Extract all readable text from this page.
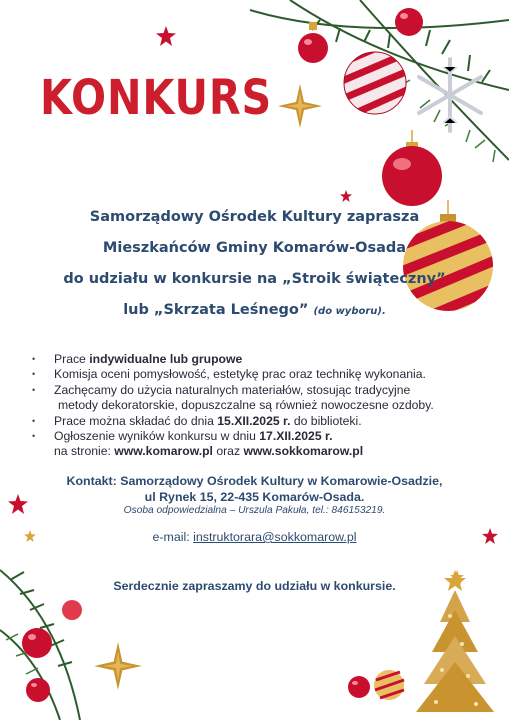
KONKURS
Samorządowy Ośrodek Kultury zaprasza
Mieszkańców Gminy Komarów-Osada
do udziału w konkursie na „Stroik świąteczny”
lub „Skrzata Leśnego” (do wyboru).
• Prace indywidualne lub grupowe
• Komisja oceni pomysłowość, estetykę prac oraz technikę wykonania.
• Zachęcamy do użycia naturalnych materiałów, stosując tradycyjne
metody dekoratorskie, dopuszczalne są również nowoczesne ozdoby.
• Prace można składać do dnia 15.XII.2025 r. do biblioteki.
• Ogłoszenie wyników konkursu w dniu 17.XII.2025 r.
na stronie: www.komarow.pl oraz www.sokkomarow.pl
Kontakt: Samorządowy Ośrodek Kultury w Komarowie-Osadzie,
ul Rynek 15, 22-435 Komarów-Osada.
Osoba odpowiedzialna – Urszula Pakuła, tel.: 846153219.
e-mail: instruktorara@sokkomarow.pl
Serdecznie zapraszamy do udziału w konkursie.
